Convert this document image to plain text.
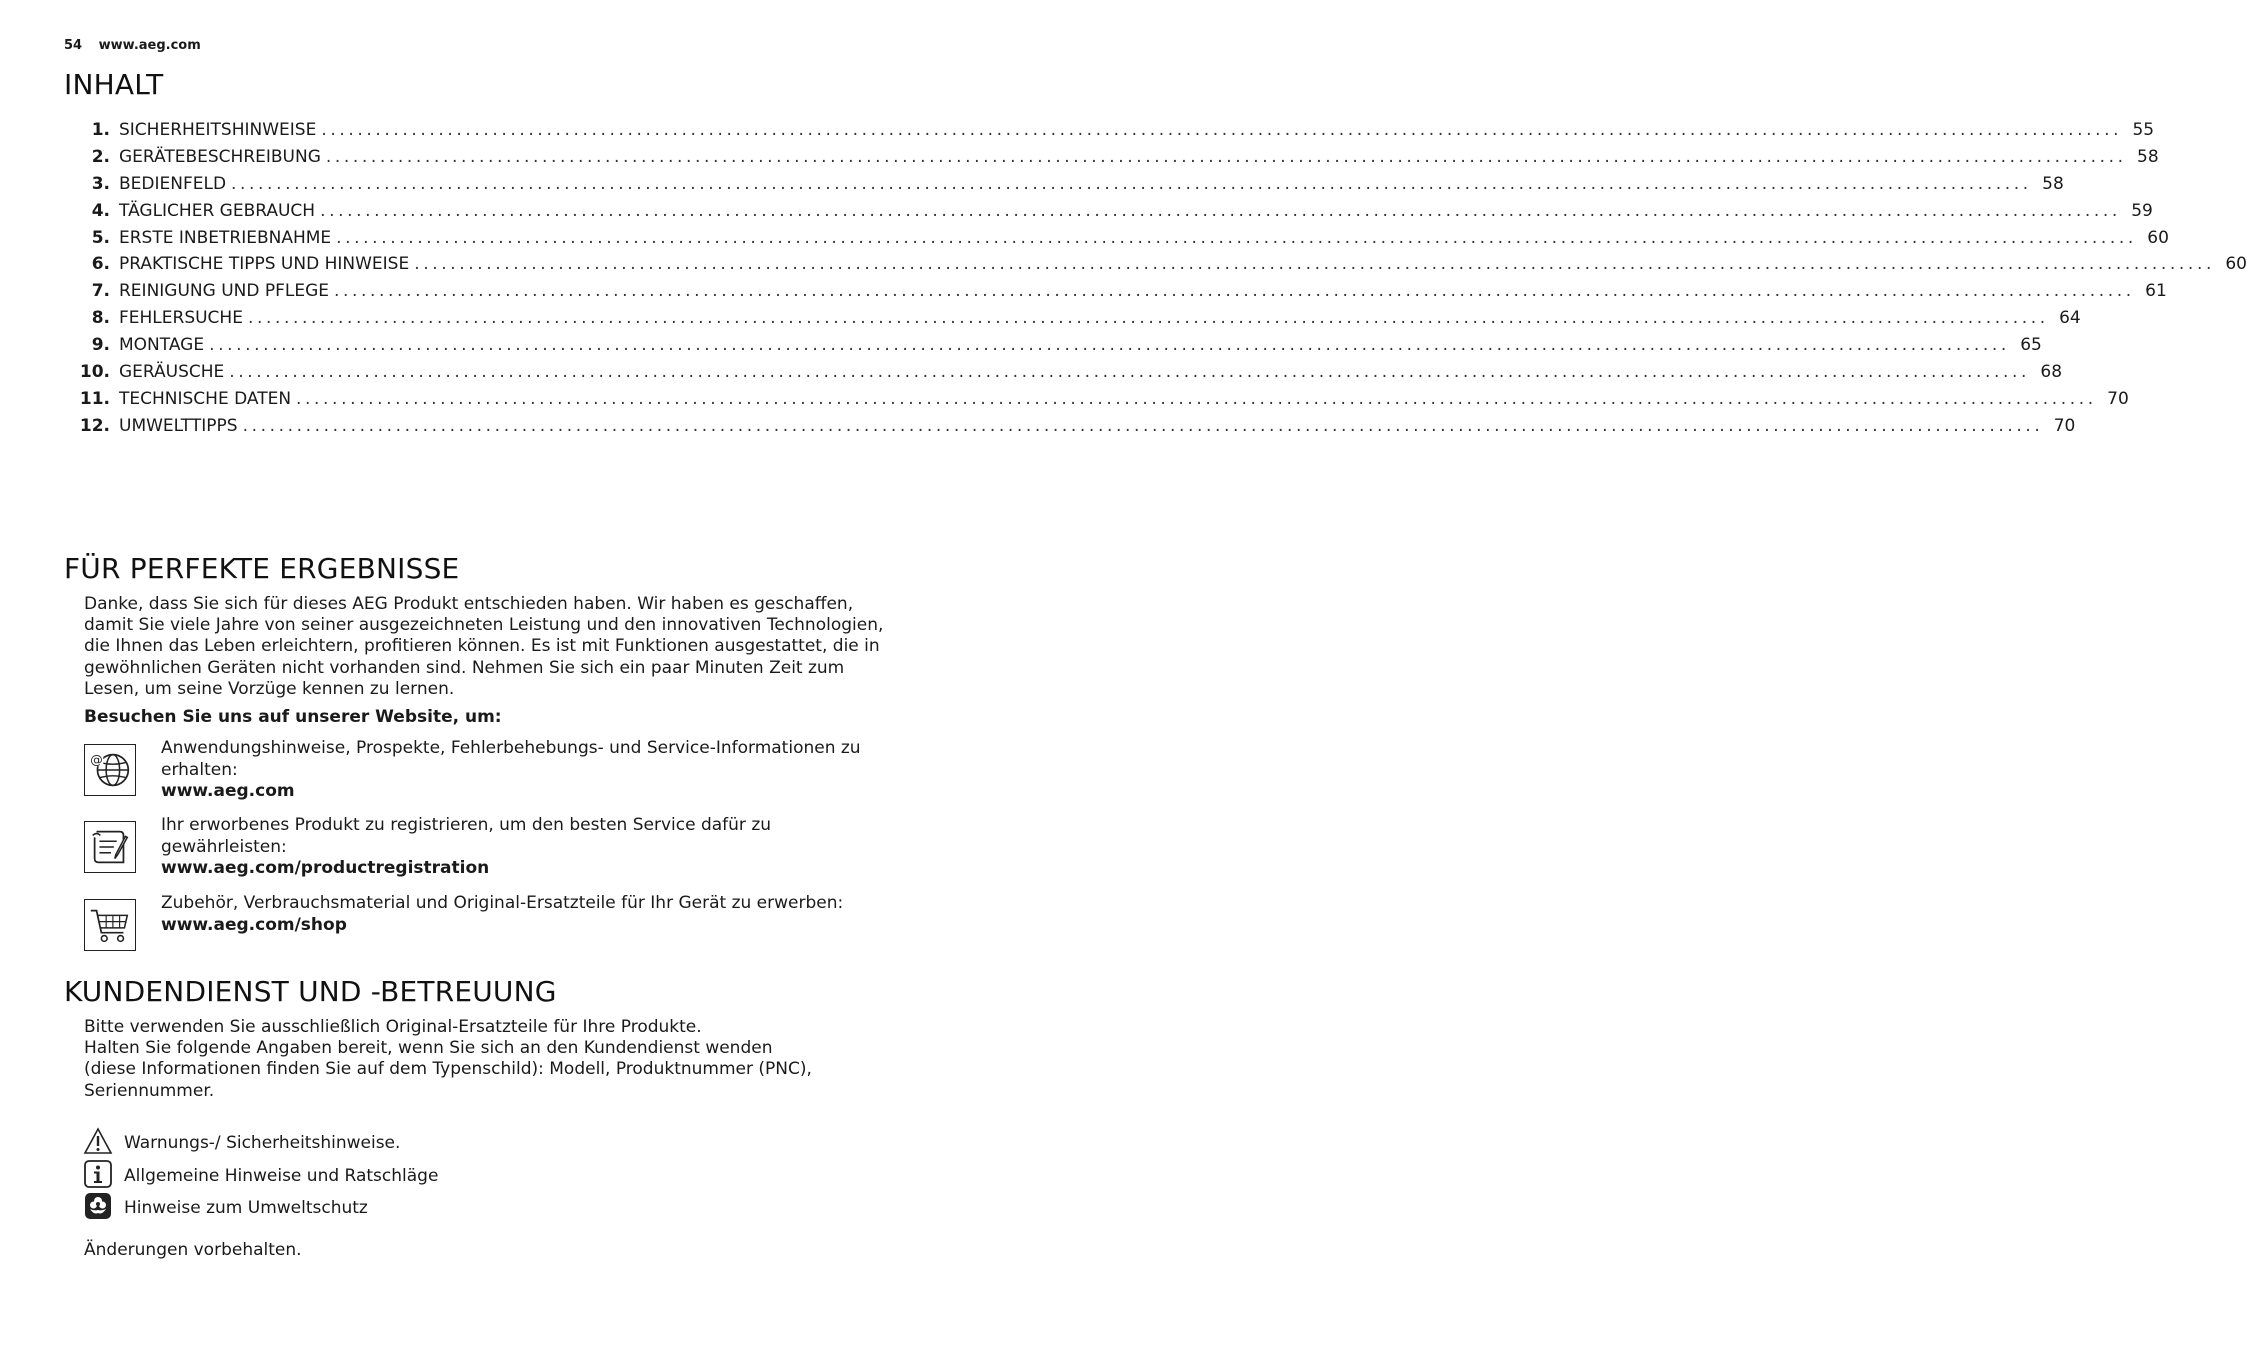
54 www.aeg.com
INHALT
1. SICHERHEITSHINWEISE ........................................................................................................................................................................................................ 55
2. GERÄTEBESCHREIBUNG ........................................................................................................................................................................................................ 58
3. BEDIENFELD ........................................................................................................................................................................................................ 58
4. TÄGLICHER GEBRAUCH ........................................................................................................................................................................................................ 59
5. ERSTE INBETRIEBNAHME ........................................................................................................................................................................................................ 60
6. PRAKTISCHE TIPPS UND HINWEISE ........................................................................................................................................................................................................ 60
7. REINIGUNG UND PFLEGE ........................................................................................................................................................................................................ 61
8. FEHLERSUCHE ........................................................................................................................................................................................................ 64
9. MONTAGE ........................................................................................................................................................................................................ 65
10. GERÄUSCHE ........................................................................................................................................................................................................ 68
11. TECHNISCHE DATEN ........................................................................................................................................................................................................ 70
12. UMWELTTIPPS ........................................................................................................................................................................................................ 70
FÜR PERFEKTE ERGEBNISSE
Danke, dass Sie sich für dieses AEG Produkt entschieden haben. Wir haben es geschaffen,
damit Sie viele Jahre von seiner ausgezeichneten Leistung und den innovativen Technologien,
die Ihnen das Leben erleichtern, profitieren können. Es ist mit Funktionen ausgestattet, die in
gewöhnlichen Geräten nicht vorhanden sind. Nehmen Sie sich ein paar Minuten Zeit zum
Lesen, um seine Vorzüge kennen zu lernen.
Besuchen Sie uns auf unserer Website, um:
@
Anwendungshinweise, Prospekte, Fehlerbehebungs- und Service-Informationen zu
erhalten:
www.aeg.com
Ihr erworbenes Produkt zu registrieren, um den besten Service dafür zu
gewährleisten:
www.aeg.com/productregistration
Zubehör, Verbrauchsmaterial und Original-Ersatzteile für Ihr Gerät zu erwerben:
www.aeg.com/shop
KUNDENDIENST UND -BETREUUNG
Bitte verwenden Sie ausschließlich Original-Ersatzteile für Ihre Produkte.
Halten Sie folgende Angaben bereit, wenn Sie sich an den Kundendienst wenden
(diese Informationen finden Sie auf dem Typenschild): Modell, Produktnummer (PNC),
Seriennummer.
Warnungs-/ Sicherheitshinweise.
Allgemeine Hinweise und Ratschläge
Hinweise zum Umweltschutz
Änderungen vorbehalten.
